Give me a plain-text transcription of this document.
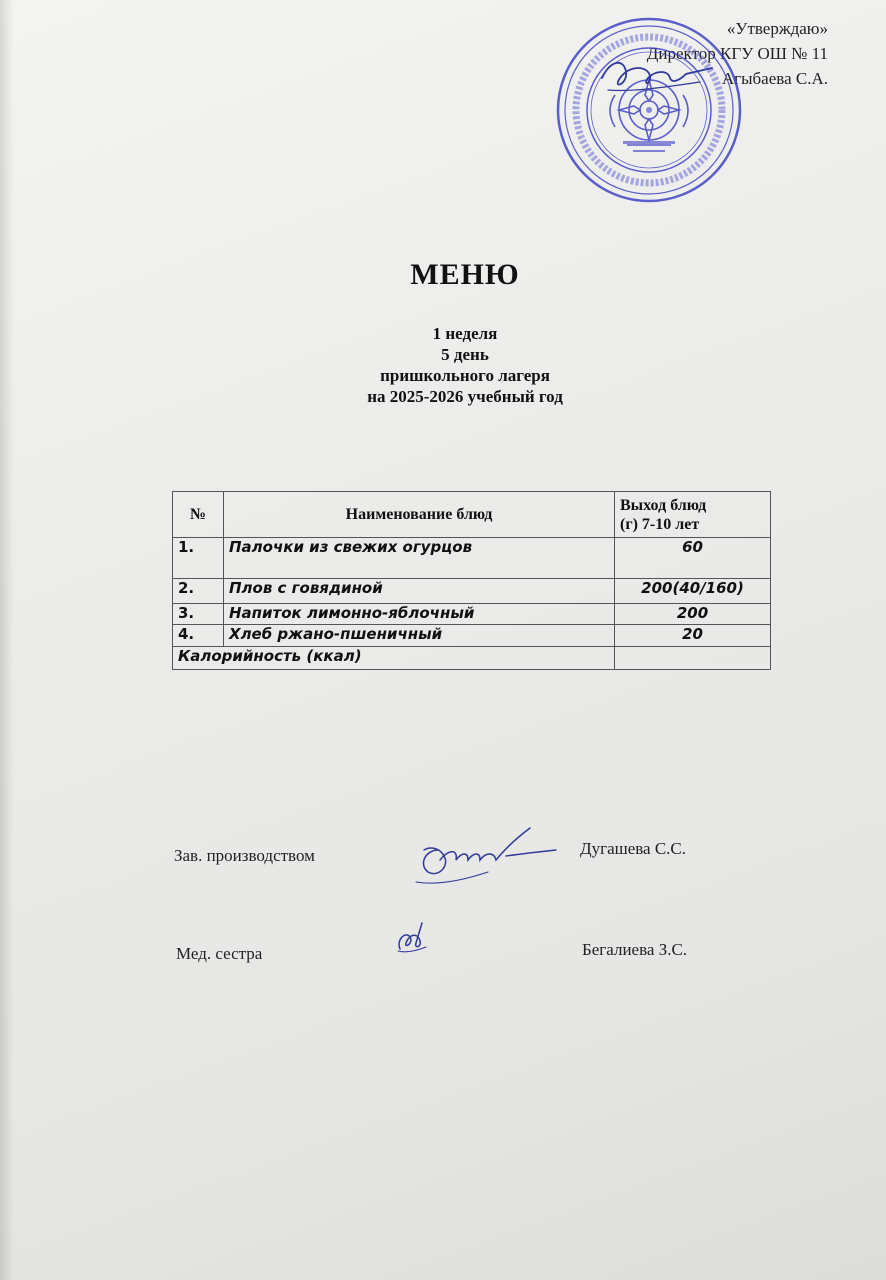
«Утверждаю»
Директор КГУ ОШ № 11
Агыбаева С.А.
МЕНЮ
1 неделя
5 день
пришкольного лагеря
на 2025-2026 учебный год
№	Наименование блюд	Выход блюд
(г) 7-10 лет

1.	Палочки из свежих огурцов	60
2.	Плов с говядиной	200(40/160)
3.	Напиток лимонно-яблочный	200
4.	Хлеб ржано-пшеничный	20
Калорийность (ккал)		
Зав. производством	Дугашева С.С.
Мед. сестра	Бегалиева З.С.
